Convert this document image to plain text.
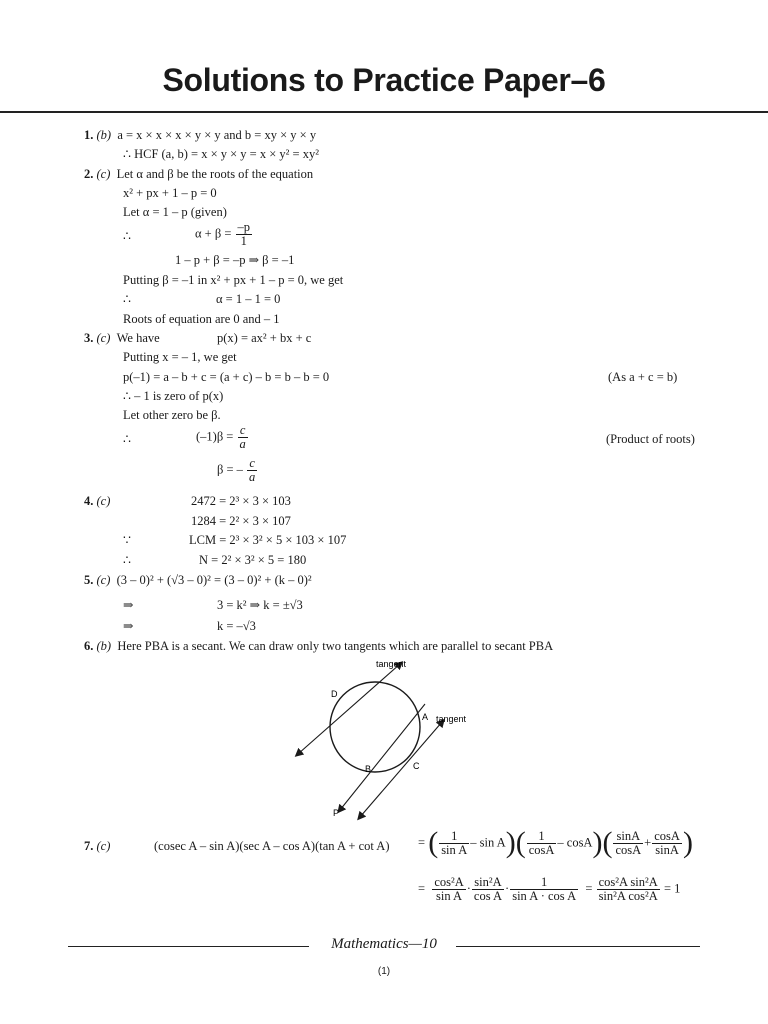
Solutions to Practice Paper–6
1. (b) a = x × x × x × y × y and b = xy × y × y
∴ HCF (a, b) = x × y × y = x × y² = xy²
2. (c) Let α and β be the roots of the equation
x² + px + 1 – p = 0
Let α = 1 – p (given)
∴	$\alpha + \beta = \frac{-p}{1}$
1 – p + β = –p ⇒ β = –1
Putting β = –1 in x² + px + 1 – p = 0, we get
∴	α = 1 – 1 = 0
Roots of equation are 0 and – 1
3. (c) We have	p(x) = ax² + bx + c
Putting x = – 1, we get
p(–1) = a – b + c = (a + c) – b = b – b = 0	(As a + c = b)
∴ – 1 is zero of p(x)
Let other zero be β.
∴	$(-1)\beta = \frac{c}{a}$	(Product of roots)
β = – $\frac{c}{a}$
4. (c)	2472 = 2³ × 3 × 103
1284 = 2² × 3 × 107
∵	LCM = 2³ × 3² × 5 × 103 × 107
∴	N = 2² × 3² × 5 = 180
5. (c) (3 – 0)² + (√3 – 0)² = (3 – 0)² + (k – 0)²
⇒	3 = k² ⇒ k = ±√3
⇒	k = –√3
6. (b) Here PBA is a secant. We can draw only two tangents which are parallel to secant PBA
tangent
tangent
D
A
B	C
P
7. (c)	(cosec A – sin A)(sec A – cos A)(tan A + cot A) = ( $\frac{1}{\text{sin A}} - \sin A)( \frac{1}{\cos A} - \cos A)( \frac{\sin A}{\cos A} + \frac{\cos A}{\sin A}$ )
= $\frac{\text{cos²A}}{\text{sin A}} \cdot \frac{\text{sin²A}}{\text{cos A}} \cdot \frac{1}{\text{sin A · cos A}} = \frac{\text{cos²A sin²A}}{\text{sin²A cos²A}} = 1$
Mathematics—10
(1)
